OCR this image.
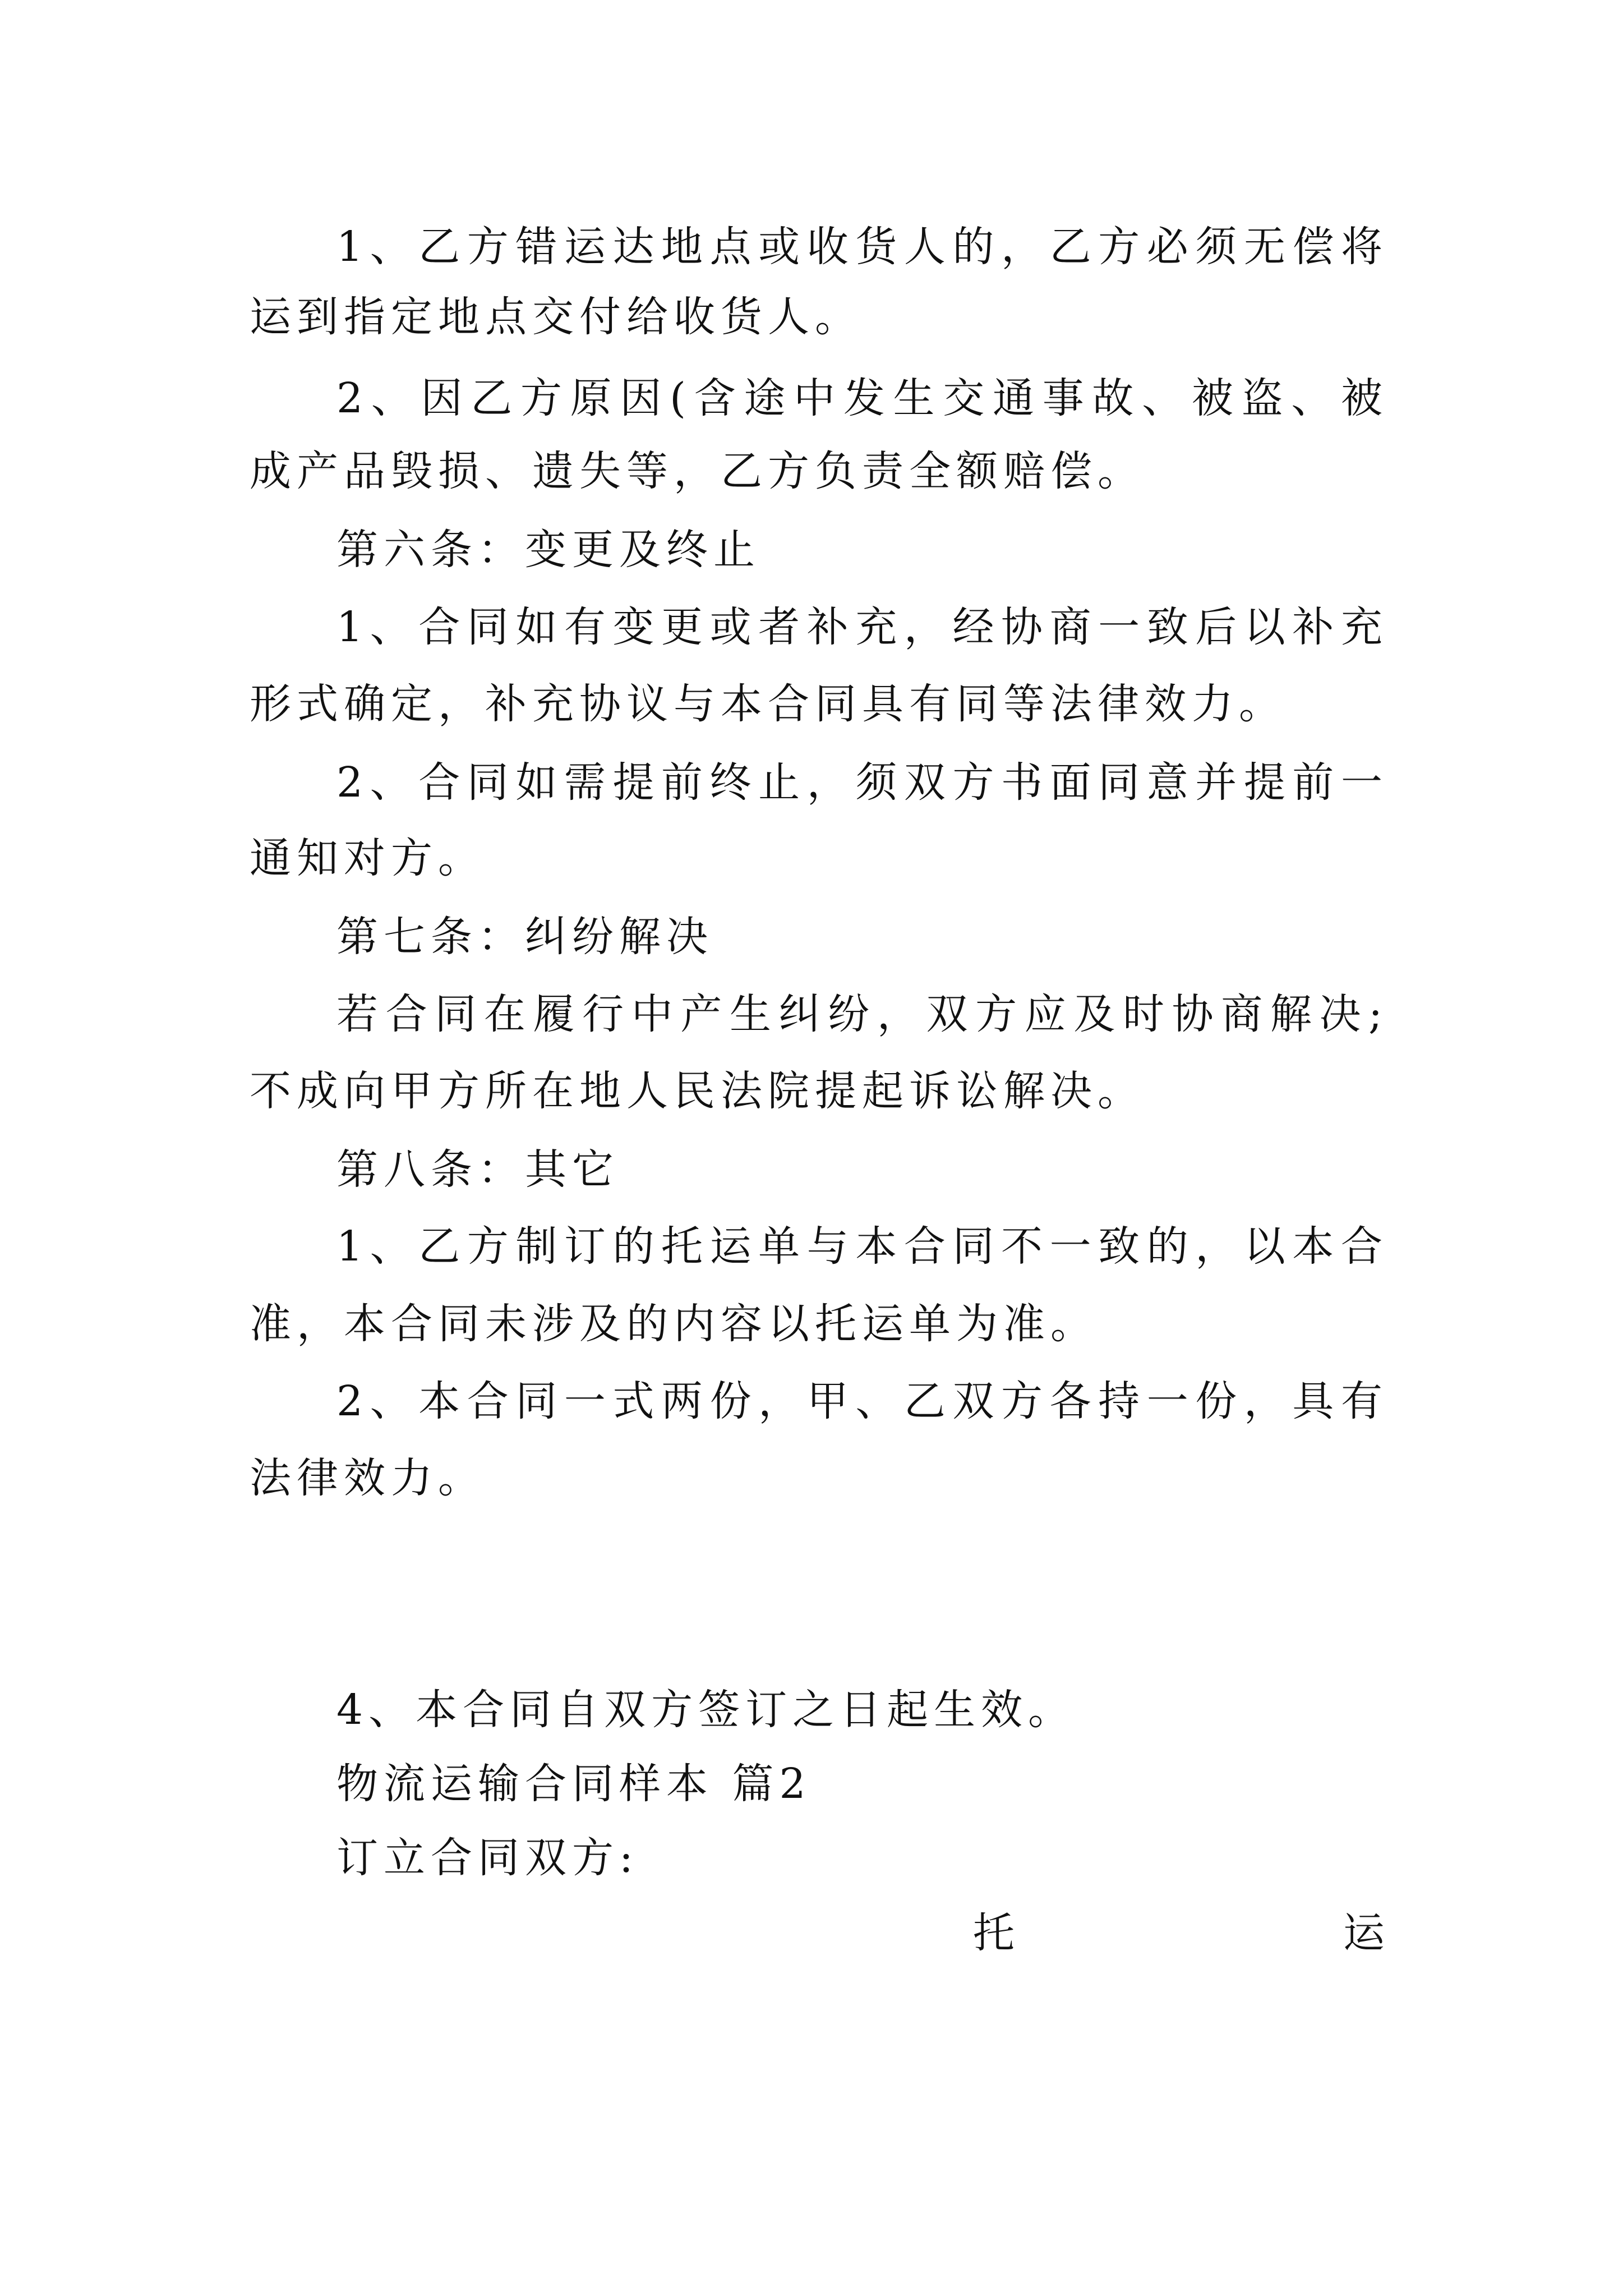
1、乙方错运达地点或收货人的，乙方必须无偿将
运到指定地点交付给收货人。
2、因乙方原因(含途中发生交通事故、被盗、被
成产品毁损、遗失等，乙方负责全额赔偿。
第六条：变更及终止
1、合同如有变更或者补充，经协商一致后以补充
形式确定，补充协议与本合同具有同等法律效力。
2、合同如需提前终止，须双方书面同意并提前一
通知对方。
第七条：纠纷解决
若合同在履行中产生纠纷，双方应及时协商解决;
不成向甲方所在地人民法院提起诉讼解决。
第八条：其它
1、乙方制订的托运单与本合同不一致的，以本合
准，本合同未涉及的内容以托运单为准。
2、本合同一式两份，甲、乙双方各持一份，具有
法律效力。

4、本合同自双方签订之日起生效。
物流运输合同样本 篇2
订立合同双方:
托	运
